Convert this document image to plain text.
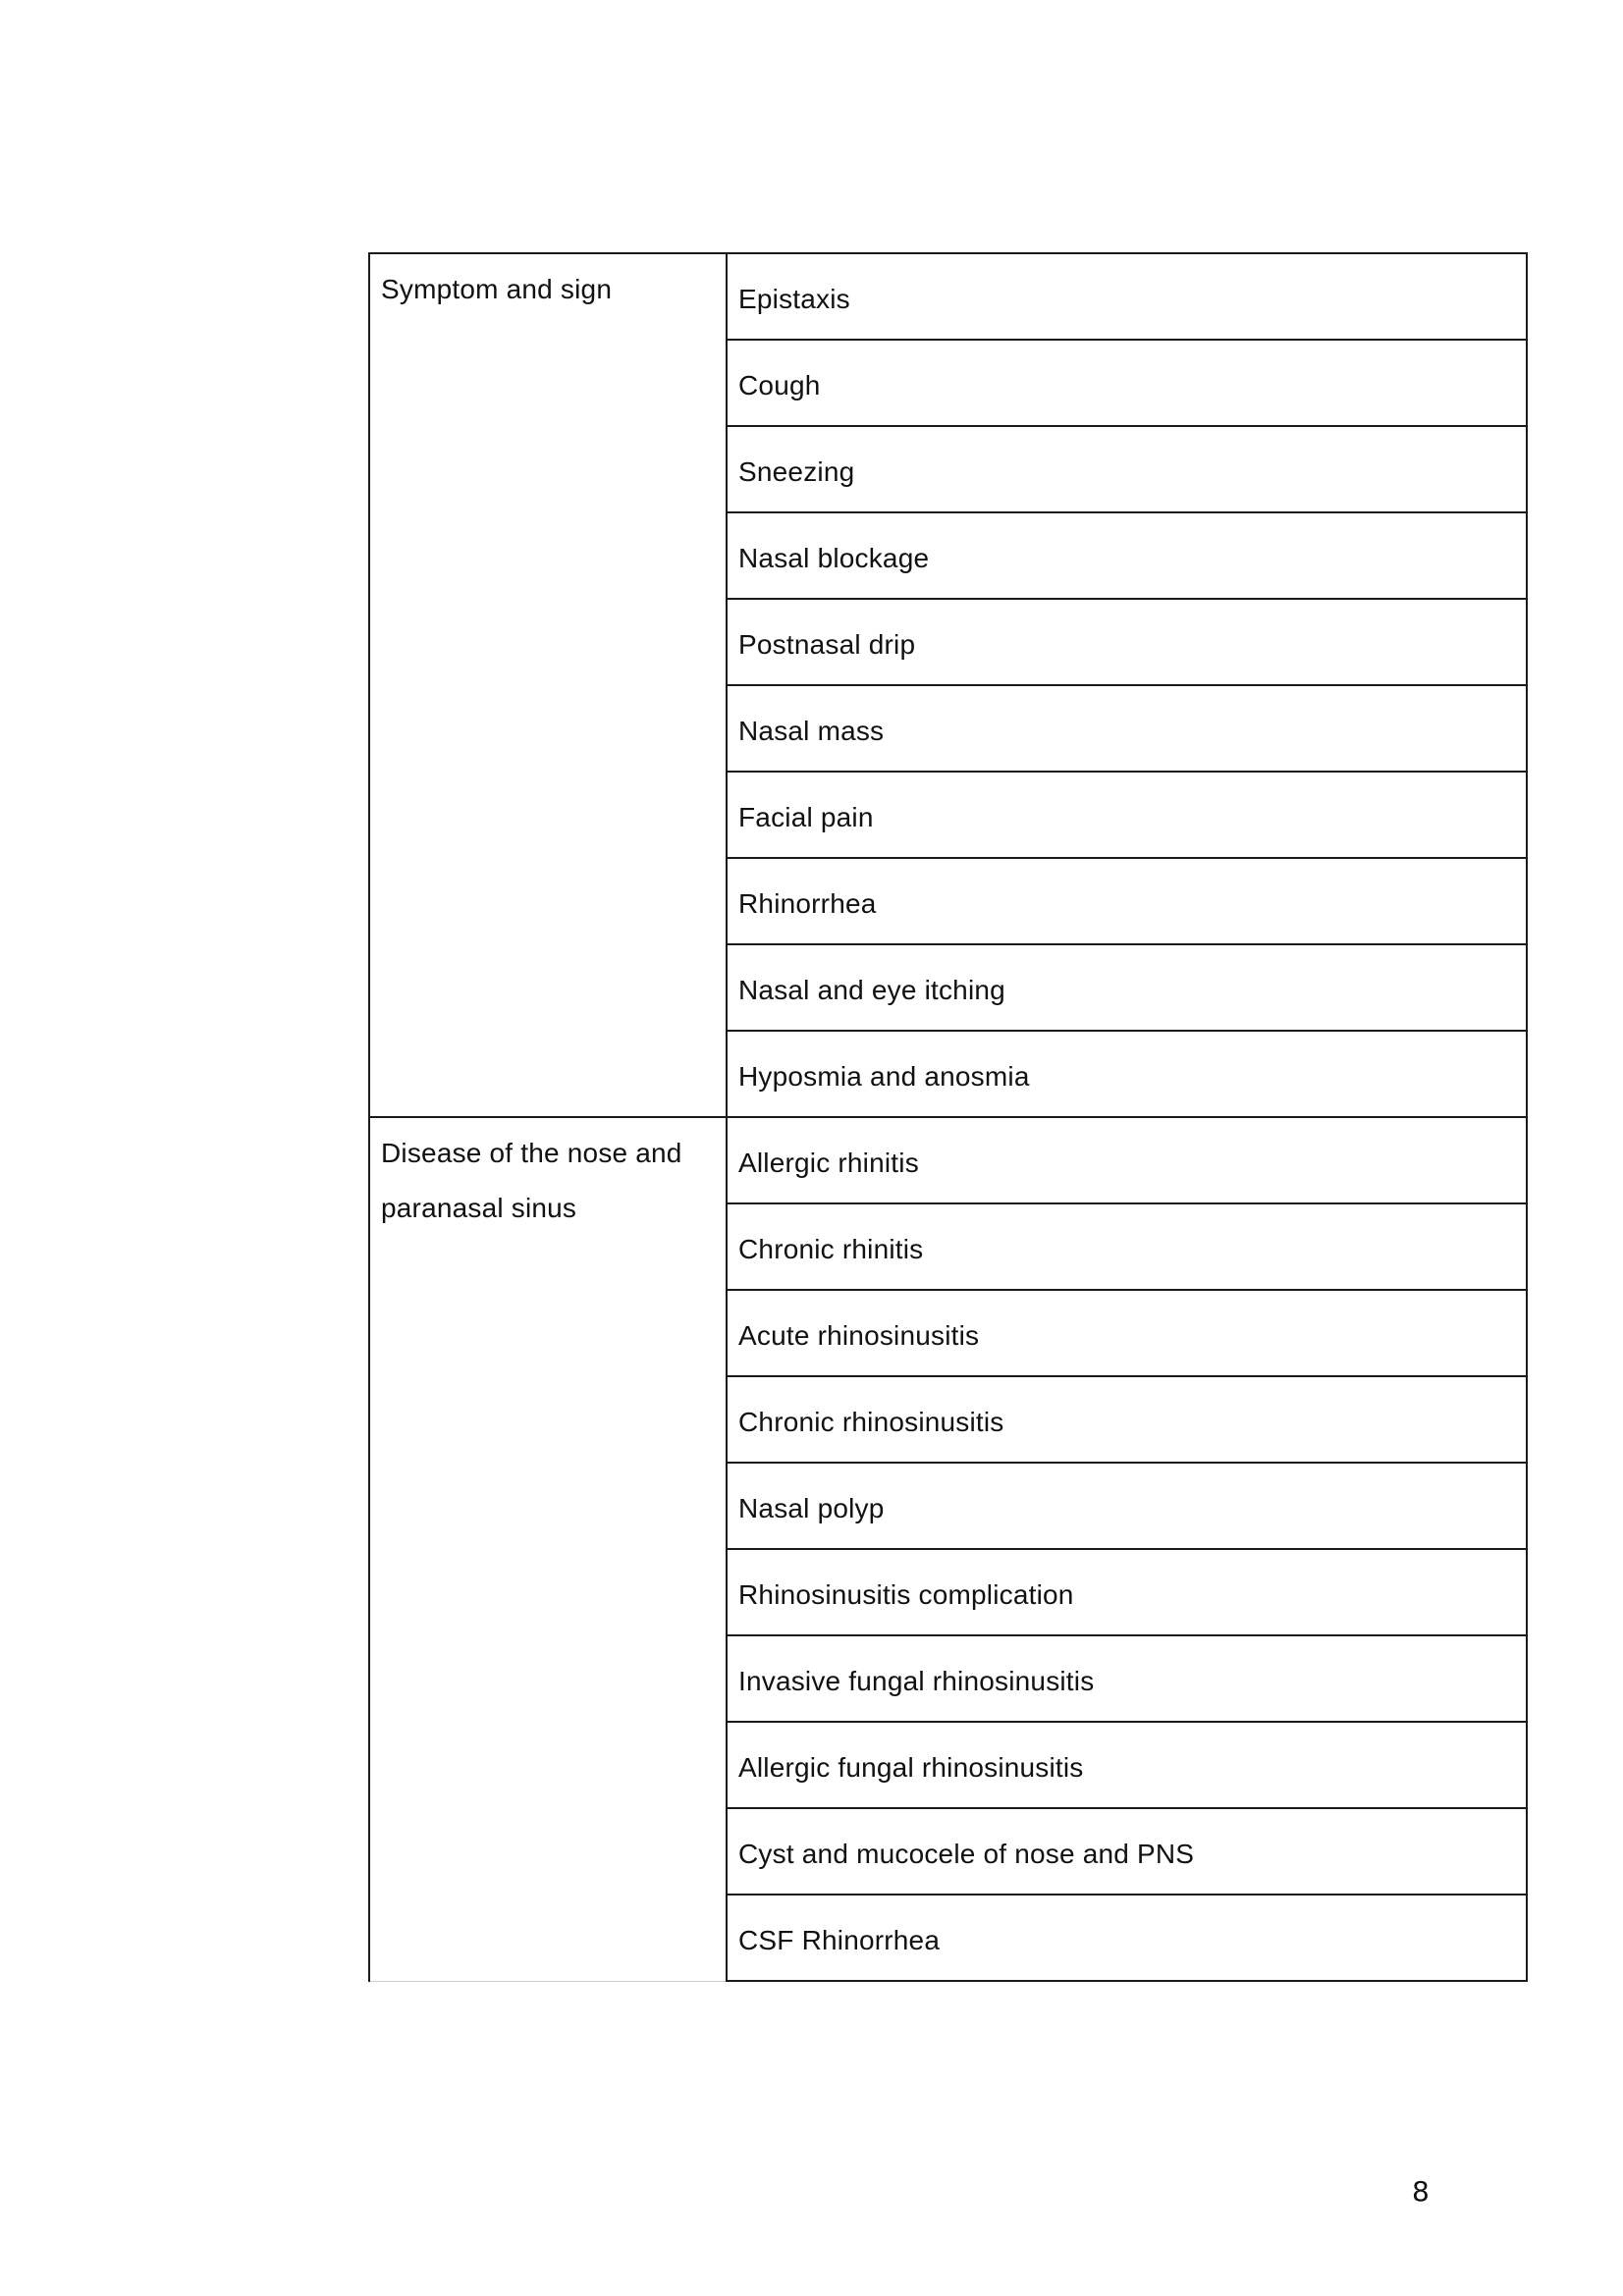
Symptom and sign	Epistaxis
	Cough
	Sneezing
	Nasal blockage
	Postnasal drip
	Nasal mass
	Facial pain
	Rhinorrhea
	Nasal and eye itching
	Hyposmia and anosmia

Disease of the nose and paranasal sinus	Allergic rhinitis
	Chronic rhinitis
	Acute rhinosinusitis
	Chronic rhinosinusitis
	Nasal polyp
	Rhinosinusitis complication
	Invasive fungal rhinosinusitis
	Allergic fungal rhinosinusitis
	Cyst and mucocele of nose and PNS
	CSF Rhinorrhea
8
